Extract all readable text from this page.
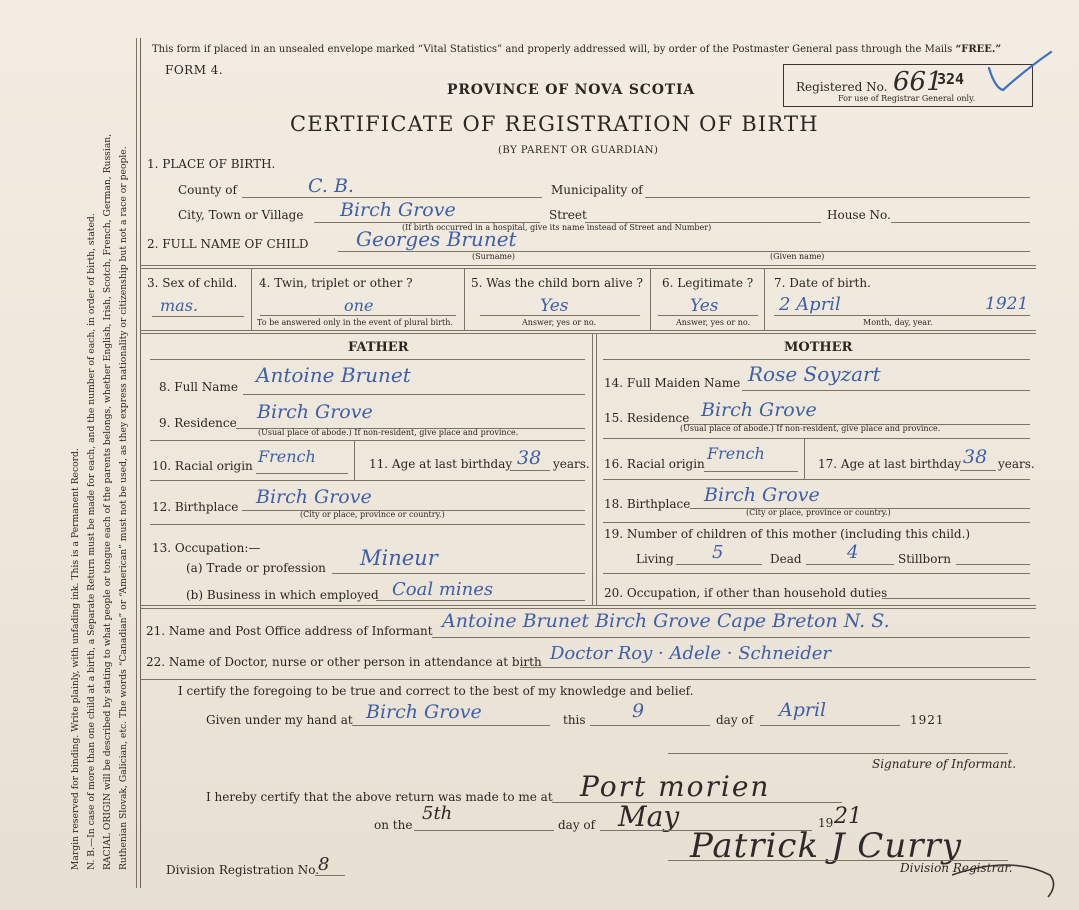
Margin reserved for binding. Write plainly, with unfading ink. This is a Permanent Record. N. B.—In case of more than one child at a birth, a Separate Return must be made for each, and the number of each, in order of birth, stated. RACIAL ORIGIN will be described by stating to what people or tongue each of the parents belongs, whether English, Irish, Scotch, French, German, Russian, Ruthenian Slovak, Galician, etc. The words “Canadian” or “American” must not be used, as they express nationality or citizenship but not a race or people.
This form if placed in an unsealed envelope marked “Vital Statistics” and properly addressed will, by order of the Postmaster General pass through the Mails “FREE.”
FORM 4.
PROVINCE OF NOVA SCOTIA
CERTIFICATE OF REGISTRATION OF BIRTH
(BY PARENT OR GUARDIAN)
Registered No. 661
324
For use of Registrar General only.
1. PLACE OF BIRTH.
County of	C. B.	Municipality of
City, Town or Village Birch Grove	Street	House No.
(If birth occurred in a hospital, give its name instead of Street and Number)
2. FULL NAME OF CHILD Georges Brunet
(Surname)	(Given name)
3. Sex of child.
mas.
4. Twin, triplet or other ?
one
To be answered only in the event of plural birth.
5. Was the child born alive ?
Yes
Answer, yes or no.
6. Legitimate ?
Yes
Answer, yes or no.
7. Date of birth.
2 April	1921
Month, day, year.
FATHER
8. Full Name Antoine Brunet
9. Residence Birch Grove
(Usual place of abode.) If non-resident, give place and province.
10. Racial origin French	11. Age at last birthday 38 years.
12. Birthplace Birch Grove
(City or place, province or country.)
13. Occupation:—
(a) Trade or profession Mineur
(b) Business in which employed Coal mines
MOTHER
14. Full Maiden Name Rose Soyzart
15. Residence Birch Grove
(Usual place of abode.) If non-resident, give place and province.
16. Racial origin
French
17. Age at last birthday 38 years.
18. Birthplace Birch Grove
(City or place, province or country.)
19. Number of children of this mother (including this child.)
Living 5	Dead	4	Stillborn
20. Occupation, if other than household duties
21. Name and Post Office address of Informant Antoine Brunet Birch Grove Cape Breton N. S.
22. Name of Doctor, nurse or other person in attendance at birth Doctor Roy · Adele · Schneider
I certify the foregoing to be true and correct to the best of my knowledge and belief.
Given under my hand at Birch Grove	this 9	day of April	1921
Signature of Informant.
I hereby certify that the above return was made to me at Port morien
on the
5th
day of May	19 21
Division Registration No.
8	Patrick J Curry
Division Registrar.
